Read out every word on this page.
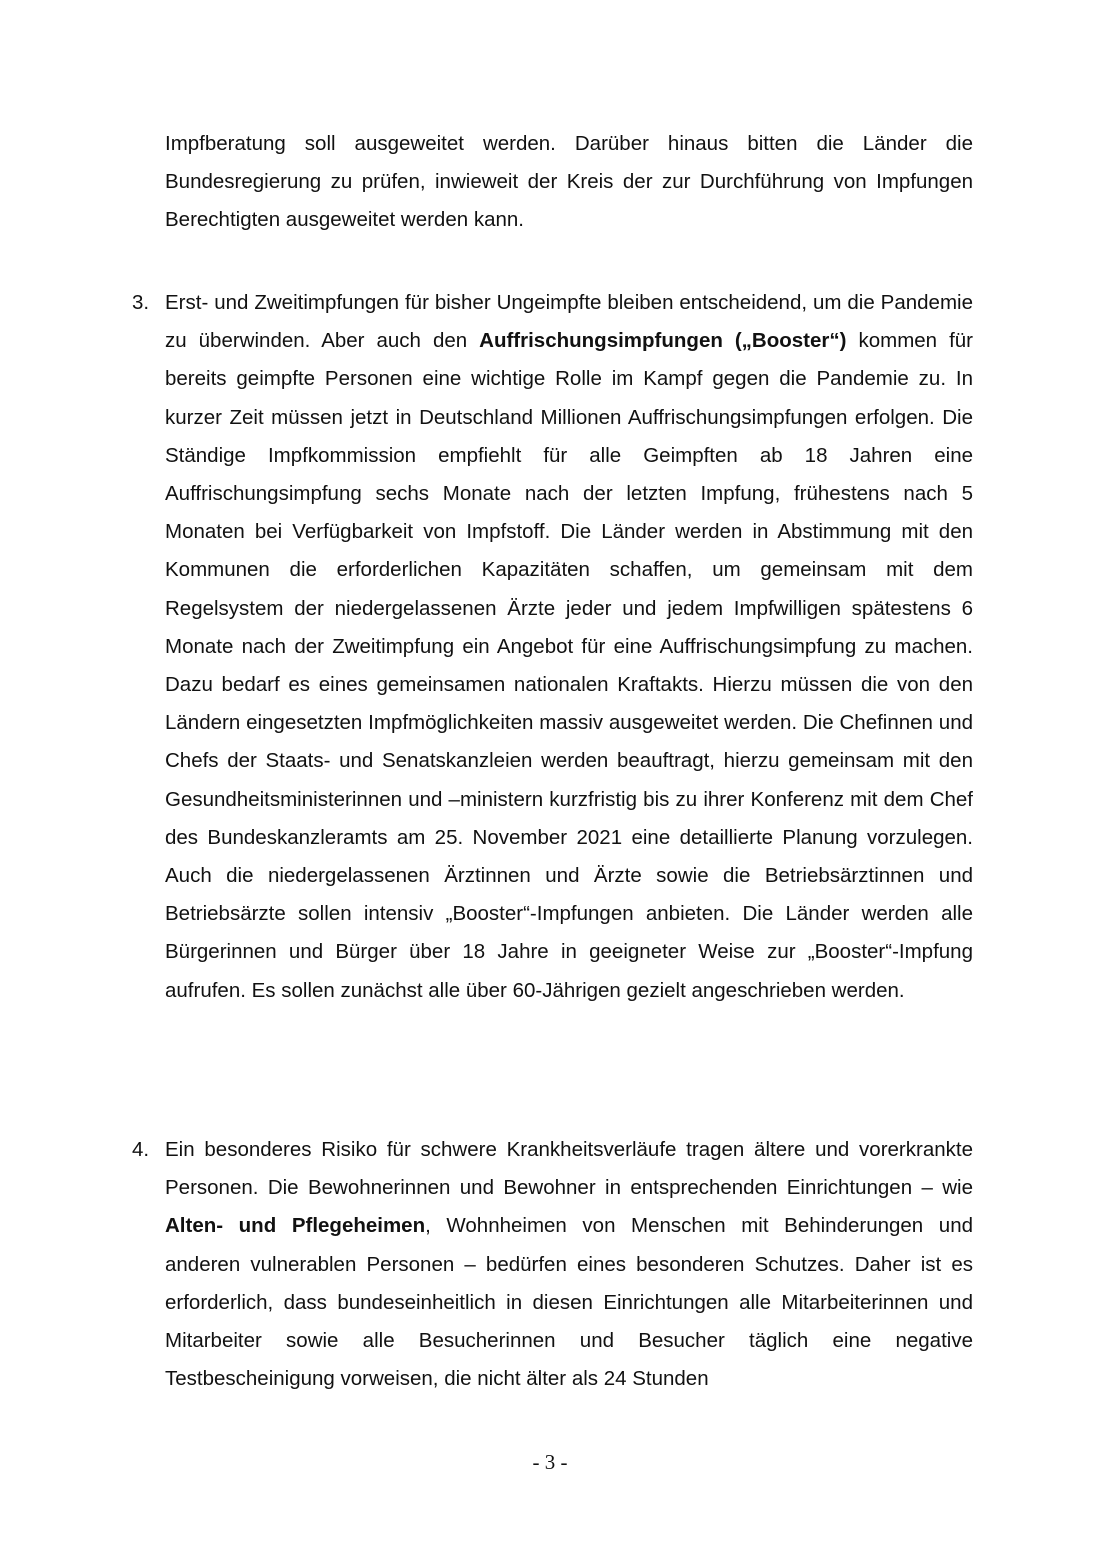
Impfberatung soll ausgeweitet werden. Darüber hinaus bitten die Länder die Bundesregierung zu prüfen, inwieweit der Kreis der zur Durchführung von Impfungen Berechtigten ausgeweitet werden kann.

3. Erst- und Zweitimpfungen für bisher Ungeimpfte bleiben entscheidend, um die Pandemie zu überwinden. Aber auch den Auffrischungsimpfungen („Booster“) kommen für bereits geimpfte Personen eine wichtige Rolle im Kampf gegen die Pandemie zu. In kurzer Zeit müssen jetzt in Deutschland Millionen Auffrischungsimpfungen erfolgen. Die Ständige Impfkommission empfiehlt für alle Geimpften ab 18 Jahren eine Auffrischungsimpfung sechs Monate nach der letzten Impfung, frühestens nach 5 Monaten bei Verfügbarkeit von Impfstoff. Die Länder werden in Abstimmung mit den Kommunen die erforderlichen Kapazitäten schaffen, um gemeinsam mit dem Regelsystem der niedergelassenen Ärzte jeder und jedem Impfwilligen spätestens 6 Monate nach der Zweitimpfung ein Angebot für eine Auffrischungsimpfung zu machen. Dazu bedarf es eines gemeinsamen nationalen Kraftakts. Hierzu müssen die von den Ländern eingesetzten Impfmöglichkeiten massiv ausgeweitet werden. Die Chefinnen und Chefs der Staats- und Senatskanzleien werden beauftragt, hierzu gemeinsam mit den Gesundheitsministerinnen und –ministern kurzfristig bis zu ihrer Konferenz mit dem Chef des Bundeskanzleramts am 25. November 2021 eine detaillierte Planung vorzulegen. Auch die niedergelassenen Ärztinnen und Ärzte sowie die Betriebsärztinnen und Betriebsärzte sollen intensiv „Booster“-Impfungen anbieten. Die Länder werden alle Bürgerinnen und Bürger über 18 Jahre in geeigneter Weise zur „Booster“-Impfung aufrufen. Es sollen zunächst alle über 60-Jährigen gezielt angeschrieben werden.

4. Ein besonderes Risiko für schwere Krankheitsverläufe tragen ältere und vorerkrankte Personen. Die Bewohnerinnen und Bewohner in entsprechenden Einrichtungen – wie Alten- und Pflegeheimen, Wohnheimen von Menschen mit Behinderungen und anderen vulnerablen Personen – bedürfen eines besonderen Schutzes. Daher ist es erforderlich, dass bundeseinheitlich in diesen Einrichtungen alle Mitarbeiterinnen und Mitarbeiter sowie alle Besucherinnen und Besucher täglich eine negative Testbescheinigung vorweisen, die nicht älter als 24 Stunden

- 3 -
